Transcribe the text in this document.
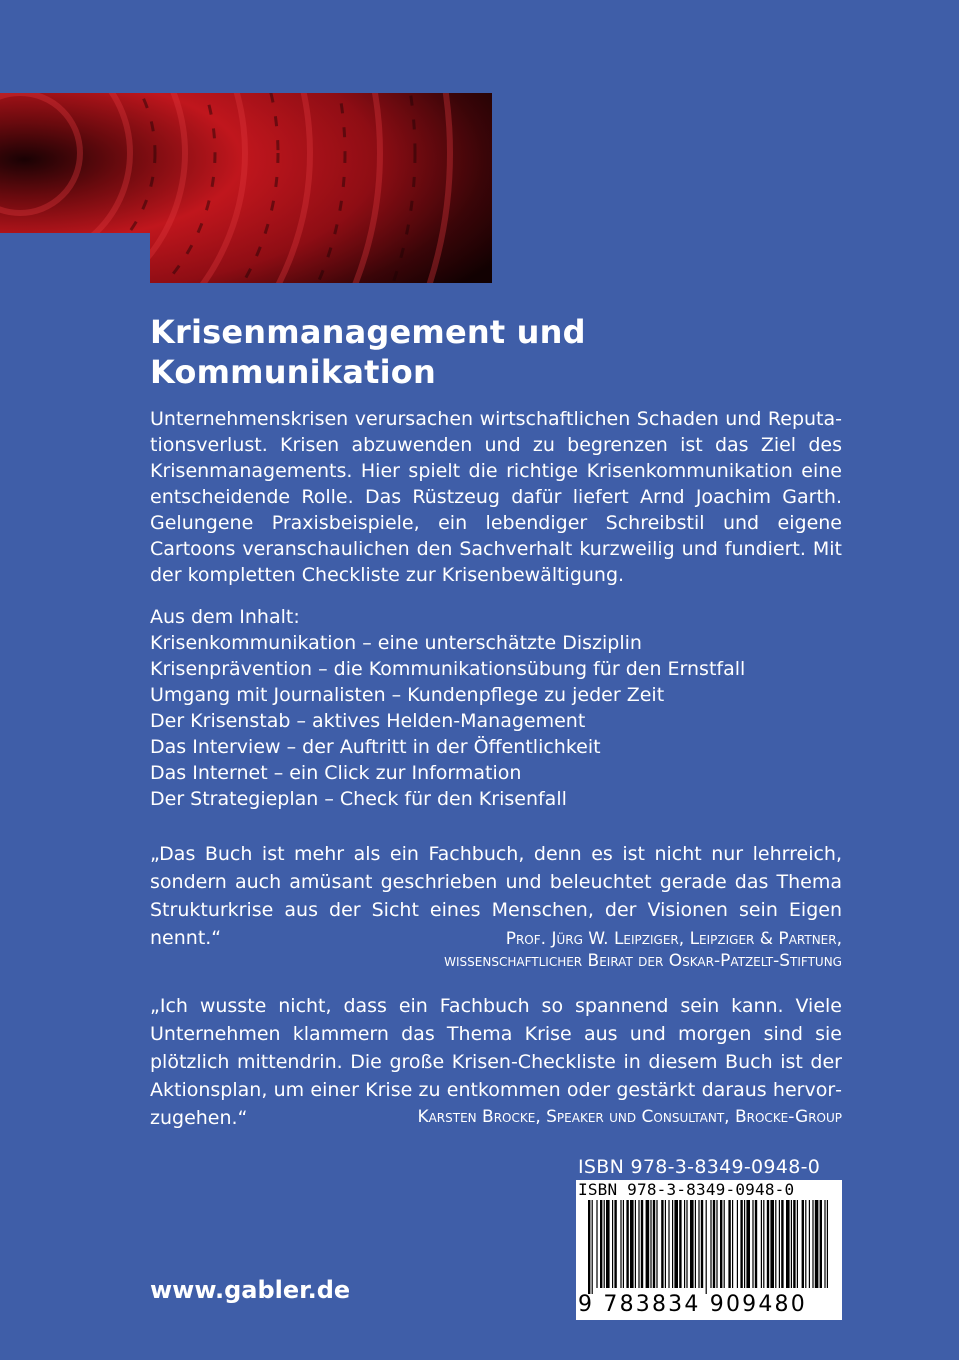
Krisenmanagement und Kommunikation

Unternehmenskrisen verursachen wirtschaftlichen Schaden und Reputationsverlust. Krisen abzuwenden und zu begrenzen ist das Ziel des Krisenmanagements. Hier spielt die richtige Krisenkommunikation eine entscheidende Rolle. Das Rüstzeug dafür liefert Arnd Joachim Garth. Gelungene Praxisbeispiele, ein lebendiger Schreibstil und eigene Cartoons veranschaulichen den Sachverhalt kurzweilig und fundiert. Mit der kompletten Checkliste zur Krisenbewältigung.

Aus dem Inhalt:

Krisenkommunikation – eine unterschätzte Disziplin
Krisenprävention – die Kommunikationsübung für den Ernstfall
Umgang mit Journalisten – Kundenpflege zu jeder Zeit
Der Krisenstab – aktives Helden-Management
Das Interview – der Auftritt in der Öffentlichkeit
Das Internet – ein Click zur Information
Der Strategieplan – Check für den Krisenfall

„Das Buch ist mehr als ein Fachbuch, denn es ist nicht nur lehrreich, sondern auch amüsant geschrieben und beleuchtet gerade das Thema Strukturkrise aus der Sicht eines Menschen, der Visionen sein Eigen nennt.“	Prof. Jürg W. Leipziger, Leipziger & Partner,
wissenschaftlicher Beirat der Oskar-Patzelt-Stiftung

„Ich wusste nicht, dass ein Fachbuch so spannend sein kann. Viele Unternehmen klammern das Thema Krise aus und morgen sind sie plötzlich mittendrin. Die große Krisen-Checkliste in diesem Buch ist der Aktionsplan, um einer Krise zu entkommen oder gestärkt daraus hervorzugehen.“	Karsten Brocke, Speaker und Consultant, Brocke-Group
ISBN 978-3-8349-0948-0
ISBN 978-3-8349-0948-0
9 783834 909480
www.gabler.de
